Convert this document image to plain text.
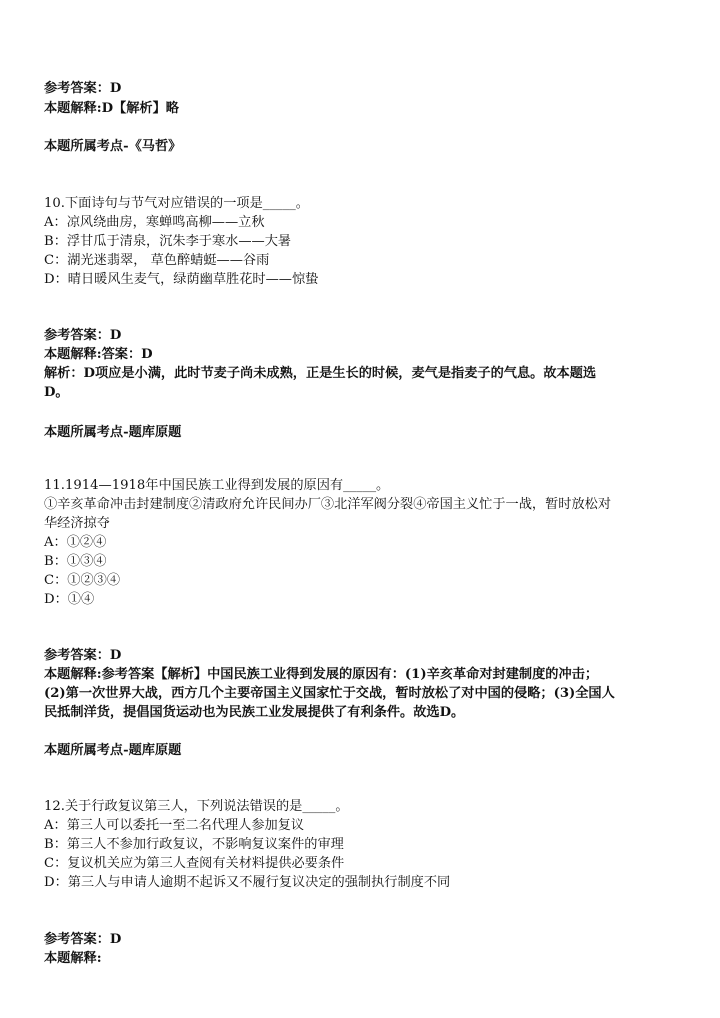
参考答案：D
本题解释:D【解析】略
本题所属考点-《马哲》
10.下面诗句与节气对应错误的一项是_____。
A：凉风绕曲房，寒蝉鸣高柳——立秋
B：浮甘瓜于清泉，沉朱李于寒水——大暑
C：湖光迷翡翠， 草色醉蜻蜓——谷雨
D：晴日暖风生麦气，绿荫幽草胜花时——惊蛰
参考答案：D
本题解释:答案：D
解析：D项应是小满，此时节麦子尚未成熟，正是生长的时候，麦气是指麦子的气息。故本题选
D。
本题所属考点-题库原题
11.1914—1918年中国民族工业得到发展的原因有_____。
①辛亥革命冲击封建制度②清政府允许民间办厂③北洋军阀分裂④帝国主义忙于一战，暂时放松对
华经济掠夺
A：①②④
B：①③④
C：①②③④
D：①④
参考答案：D
本题解释:参考答案【解析】中国民族工业得到发展的原因有：(1)辛亥革命对封建制度的冲击；
(2)第一次世界大战，西方几个主要帝国主义国家忙于交战，暂时放松了对中国的侵略；(3)全国人
民抵制洋货，提倡国货运动也为民族工业发展提供了有利条件。故选D。
本题所属考点-题库原题
12.关于行政复议第三人，下列说法错误的是_____。
A：第三人可以委托一至二名代理人参加复议
B：第三人不参加行政复议，不影响复议案件的审理
C：复议机关应为第三人查阅有关材料提供必要条件
D：第三人与申请人逾期不起诉又不履行复议决定的强制执行制度不同
参考答案：D
本题解释:
